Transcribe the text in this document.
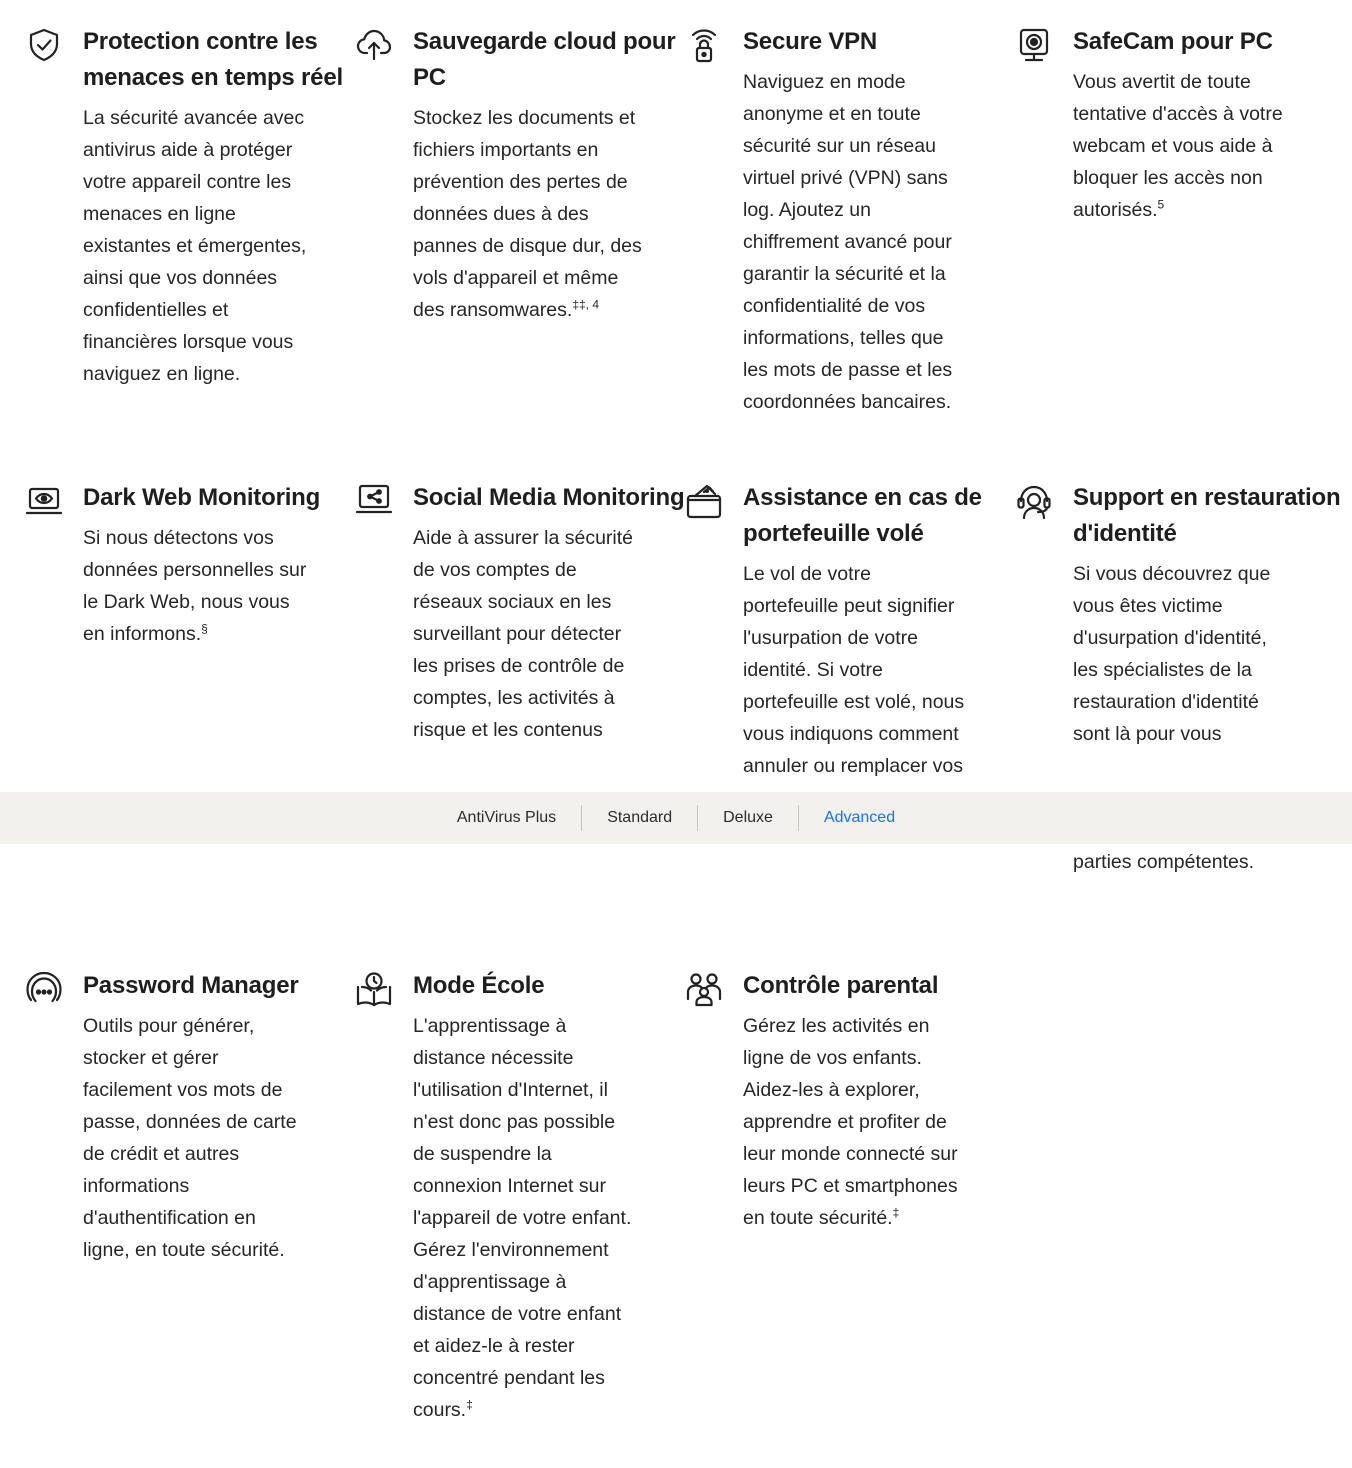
Protection contre les menaces en temps réel

La sécurité avancée avec
antivirus aide à protéger
votre appareil contre les
menaces en ligne
existantes et émergentes,
ainsi que vos données
confidentielles et
financières lorsque vous
naviguez en ligne.

Sauvegarde cloud pour PC

Stockez les documents et
fichiers importants en
prévention des pertes de
données dues à des
pannes de disque dur, des
vols d'appareil et même
des ransomwares.$^{\ddagger\ddagger, 4}$

Secure VPN

Naviguez en mode
anonyme et en toute
sécurité sur un réseau
virtuel privé (VPN) sans
log. Ajoutez un
chiffrement avancé pour
garantir la sécurité et la
confidentialité de vos
informations, telles que
les mots de passe et les
coordonnées bancaires.

SafeCam pour PC

Vous avertit de toute
tentative d'accès à votre
webcam et vous aide à
bloquer les accès non
autorisés.$^5$

Dark Web Monitoring

Si nous détectons vos
données personnelles sur
le Dark Web, nous vous
en informons.§

Social Media Monitoring

Aide à assurer la sécurité
de vos comptes de
réseaux sociaux en les
surveillant pour détecter
les prises de contrôle de
comptes, les activités à
risque et les contenus

Assistance en cas de portefeuille volé

Le vol de votre
portefeuille peut signifier
l'usurpation de votre
identité. Si votre
portefeuille est volé, nous
vous indiquons comment
annuler ou remplacer vos

Support en restauration d'identité

Si vous découvrez que
vous êtes victime
d'usurpation d'identité,
les spécialistes de la
restauration d'identité
sont là pour vous

parties compétentes.

Password Manager

Outils pour générer,
stocker et gérer
facilement vos mots de
passe, données de carte
de crédit et autres
informations
d'authentification en
ligne, en toute sécurité.

Mode École

L'apprentissage à
distance nécessite
l'utilisation d'Internet, il
n'est donc pas possible
de suspendre la
connexion Internet sur
l'appareil de votre enfant.
Gérez l'environnement
d'apprentissage à
distance de votre enfant
et aidez-le à rester
concentré pendant les
cours.‡

Contrôle parental

Gérez les activités en
ligne de vos enfants.
Aidez-les à explorer,
apprendre et profiter de
leur monde connecté sur
leurs PC et smartphones
en toute sécurité.‡

AntiVirus Plus	Standard	Deluxe	Advanced
